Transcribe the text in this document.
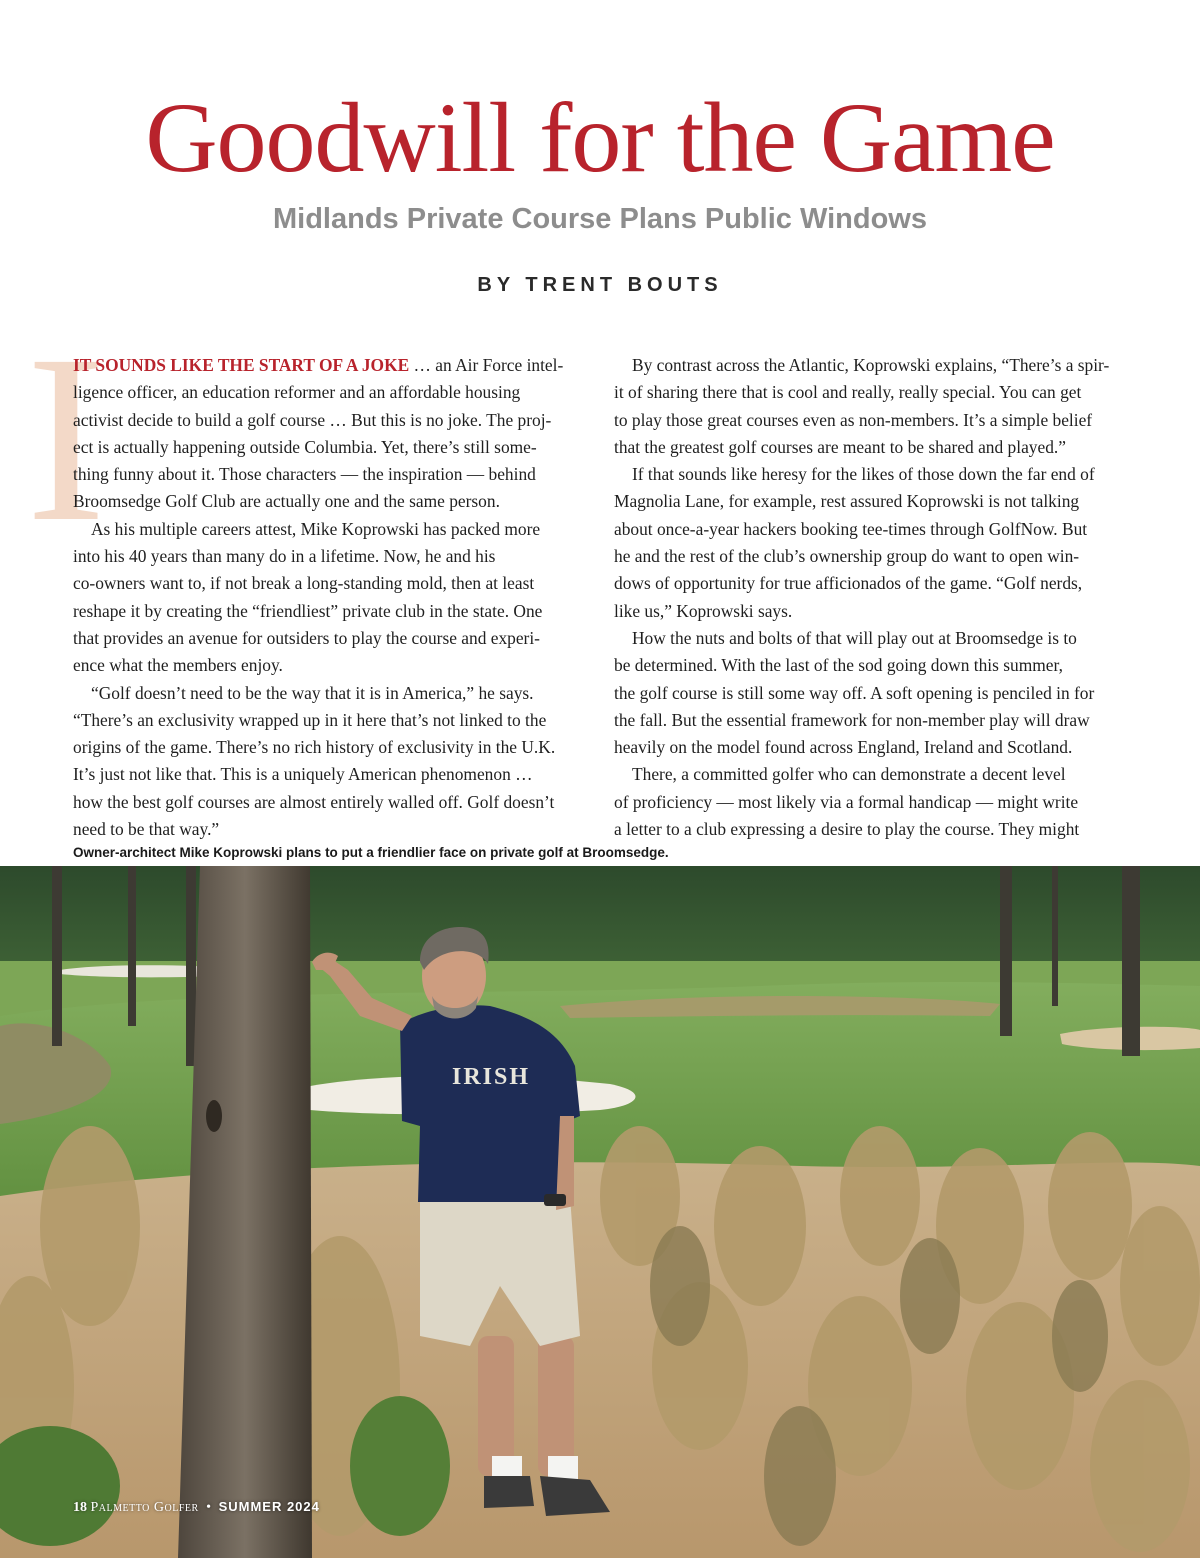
Goodwill for the Game
Midlands Private Course Plans Public Windows
BY TRENT BOUTS
I
IT SOUNDS LIKE THE START OF A JOKE … an Air Force intel-
ligence officer, an education reformer and an affordable housing
activist decide to build a golf course … But this is no joke. The proj-
ect is actually happening outside Columbia. Yet, there’s still some-
thing funny about it. Those characters — the inspiration — behind
Broomsedge Golf Club are actually one and the same person.
As his multiple careers attest, Mike Koprowski has packed more
into his 40 years than many do in a lifetime. Now, he and his
co-owners want to, if not break a long-standing mold, then at least
reshape it by creating the “friendliest” private club in the state. One
that provides an avenue for outsiders to play the course and experi-
ence what the members enjoy.
“Golf doesn’t need to be the way that it is in America,” he says.
“There’s an exclusivity wrapped up in it here that’s not linked to the
origins of the game. There’s no rich history of exclusivity in the U.K.
It’s just not like that. This is a uniquely American phenomenon …
how the best golf courses are almost entirely walled off. Golf doesn’t
need to be that way.”
By contrast across the Atlantic, Koprowski explains, “There’s a spir-
it of sharing there that is cool and really, really special. You can get
to play those great courses even as non-members. It’s a simple belief
that the greatest golf courses are meant to be shared and played.”
If that sounds like heresy for the likes of those down the far end of
Magnolia Lane, for example, rest assured Koprowski is not talking
about once-a-year hackers booking tee-times through GolfNow. But
he and the rest of the club’s ownership group do want to open win-
dows of opportunity for true afficionados of the game. “Golf nerds,
like us,” Koprowski says.
How the nuts and bolts of that will play out at Broomsedge is to
be determined. With the last of the sod going down this summer,
the golf course is still some way off. A soft opening is penciled in for
the fall. But the essential framework for non-member play will draw
heavily on the model found across England, Ireland and Scotland.
There, a committed golfer who can demonstrate a decent level
of proficiency — most likely via a formal handicap — might write
a letter to a club expressing a desire to play the course. They might
Owner-architect Mike Koprowski plans to put a friendlier face on private golf at Broomsedge.
IRISH
18 Palmetto Golfer • SUMMER 2024
